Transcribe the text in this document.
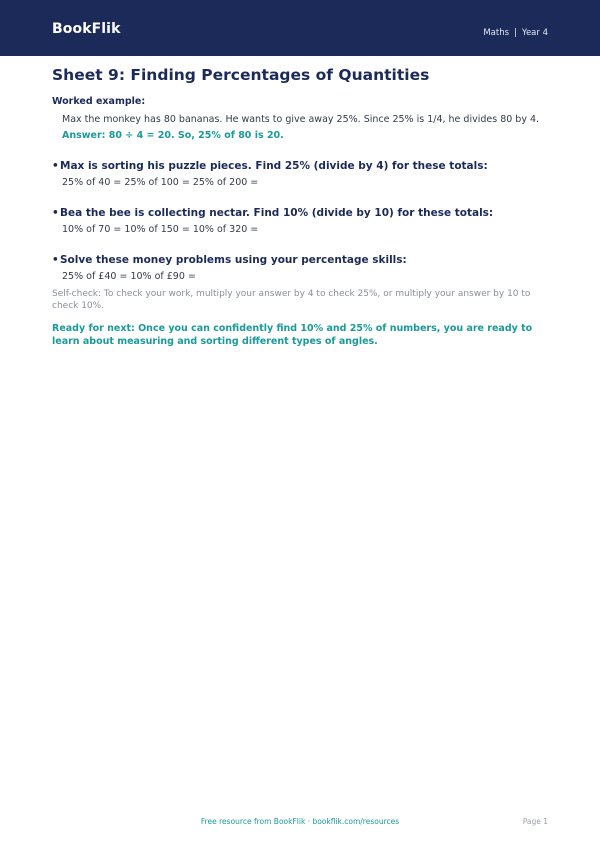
BookFlik	Maths | Year 4
Sheet 9: Finding Percentages of Quantities
Worked example:
Max the monkey has 80 bananas. He wants to give away 25%. Since 25% is 1/4, he divides 80 by 4.
Answer: 80 ÷ 4 = 20. So, 25% of 80 is 20.
• Max is sorting his puzzle pieces. Find 25% (divide by 4) for these totals:
25% of 40 = 25% of 100 = 25% of 200 =
• Bea the bee is collecting nectar. Find 10% (divide by 10) for these totals:
10% of 70 = 10% of 150 = 10% of 320 =
• Solve these money problems using your percentage skills:
25% of £40 = 10% of £90 =
Self-check: To check your work, multiply your answer by 4 to check 25%, or multiply your answer by 10 to check 10%.
Ready for next: Once you can confidently find 10% and 25% of numbers, you are ready to learn about measuring and sorting different types of angles.
Free resource from BookFlik · bookflik.com/resources	Page 1
